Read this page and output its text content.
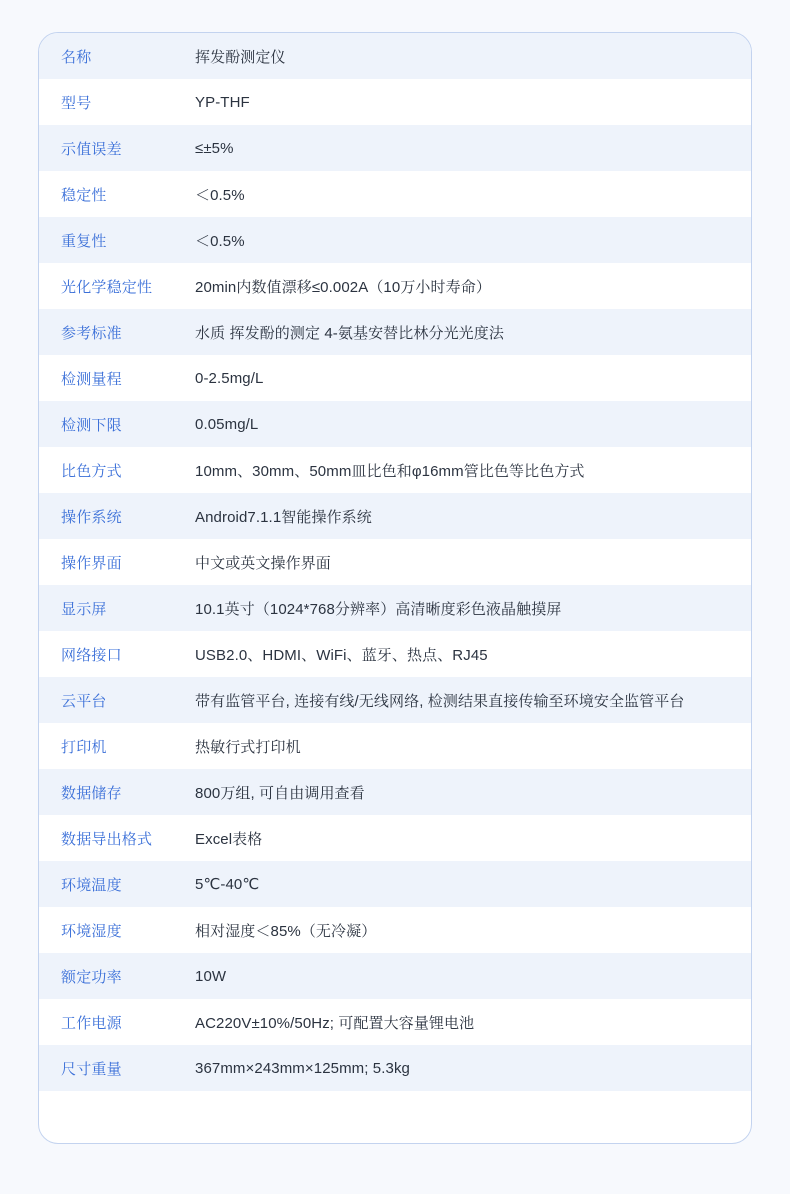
名称	挥发酚测定仪
型号	YP-THF
示值误差	≤±5%
稳定性	＜0.5%
重复性	＜0.5%
光化学稳定性	20min内数值漂移≤0.002A（10万小时寿命）
参考标准	水质 挥发酚的测定 4-氨基安替比林分光光度法
检测量程	0-2.5mg/L
检测下限	0.05mg/L
比色方式	10mm、30mm、50mm皿比色和φ16mm管比色等比色方式
操作系统	Android7.1.1智能操作系统
操作界面	中文或英文操作界面
显示屏	10.1英寸（1024*768分辨率）高清晰度彩色液晶触摸屏
网络接口	USB2.0、HDMI、WiFi、蓝牙、热点、RJ45
云平台	带有监管平台, 连接有线/无线网络, 检测结果直接传输至环境安全监管平台
打印机	热敏行式打印机
数据储存	800万组, 可自由调用查看
数据导出格式	Excel表格
环境温度	5℃-40℃
环境湿度	相对湿度＜85%（无冷凝）
额定功率	10W
工作电源	AC220V±10%/50Hz; 可配置大容量锂电池
尺寸重量	367mm×243mm×125mm; 5.3kg
